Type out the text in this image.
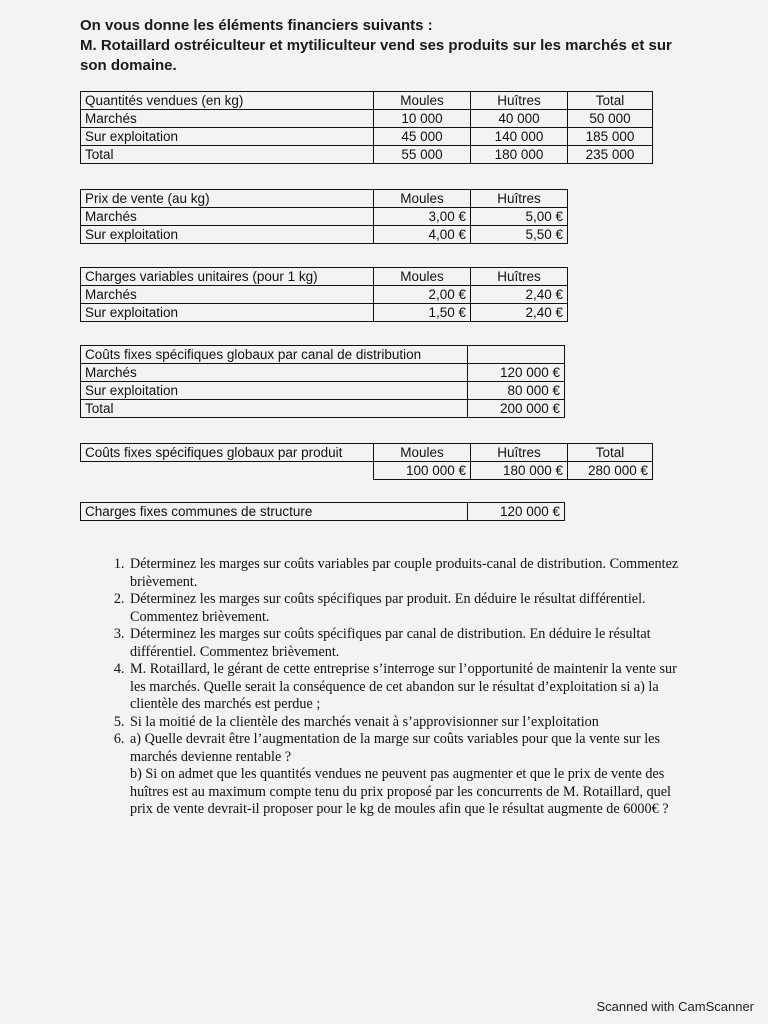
On vous donne les éléments financiers suivants :
M. Rotaillard ostréiculteur et mytiliculteur vend ses produits sur les marchés et sur son domaine.
Quantités vendues (en kg)	Moules	Huîtres	Total
Marchés	10 000	40 000	50 000
Sur exploitation	45 000	140 000	185 000
Total	55 000	180 000	235 000
Prix de vente (au kg)	Moules	Huîtres
Marchés	3,00 €	5,00 €
Sur exploitation	4,00 €	5,50 €
Charges variables unitaires (pour 1 kg)	Moules	Huîtres
Marchés	2,00 €	2,40 €
Sur exploitation	1,50 €	2,40 €
Coûts fixes spécifiques globaux par canal de distribution	
Marchés	120 000 €
Sur exploitation	80 000 €
Total	200 000 €
Coûts fixes spécifiques globaux par produit	Moules	Huîtres	Total
	100 000 €	180 000 €	280 000 €
Charges fixes communes de structure	120 000 €
1. Déterminez les marges sur coûts variables par couple produits-canal de distribution. Commentez brièvement.
2. Déterminez les marges sur coûts spécifiques par produit. En déduire le résultat différentiel. Commentez brièvement.
3. Déterminez les marges sur coûts spécifiques par canal de distribution. En déduire le résultat différentiel. Commentez brièvement.
4. M. Rotaillard, le gérant de cette entreprise s’interroge sur l’opportunité de maintenir la vente sur les marchés. Quelle serait la conséquence de cet abandon sur le résultat d’exploitation si a) la clientèle des marchés est perdue ;
5. Si la moitié de la clientèle des marchés venait à s’approvisionner sur l’exploitation
6. a) Quelle devrait être l’augmentation de la marge sur coûts variables pour que la vente sur les marchés devienne rentable ?
b) Si on admet que les quantités vendues ne peuvent pas augmenter et que le prix de vente des huîtres est au maximum compte tenu du prix proposé par les concurrents de M. Rotaillard, quel prix de vente devrait-il proposer pour le kg de moules afin que le résultat augmente de 6000€ ?
Scanned with CamScanner
